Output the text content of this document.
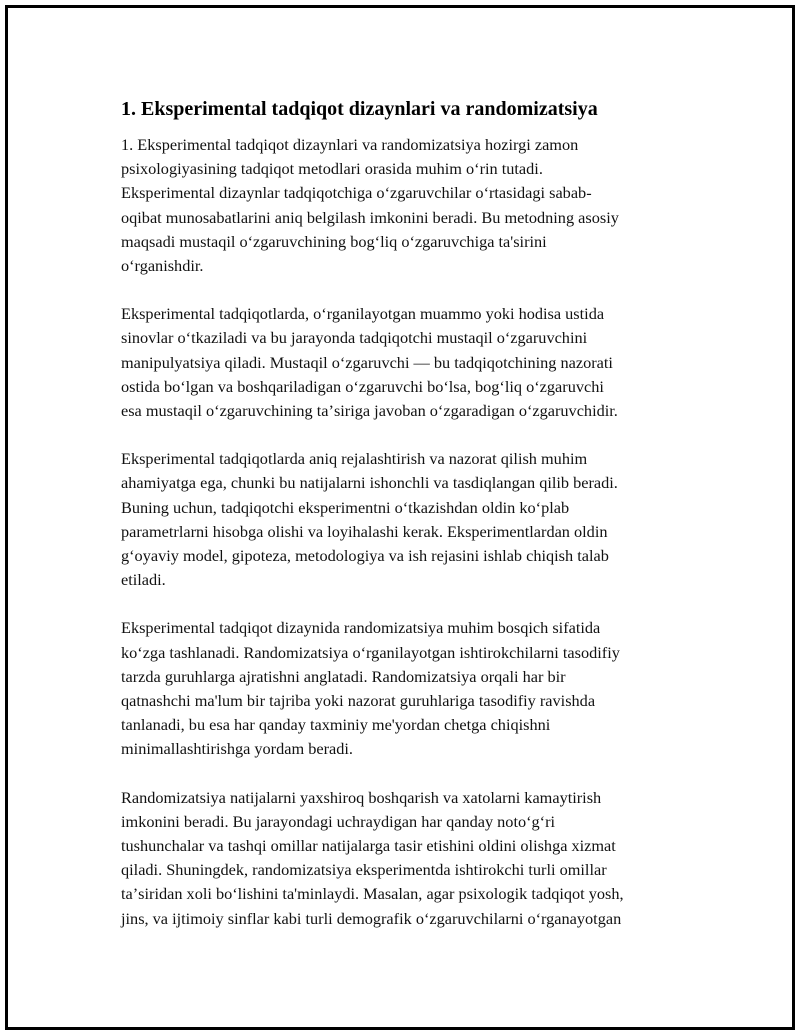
1. Eksperimental tadqiqot dizaynlari va randomizatsiya

1. Eksperimental tadqiqot dizaynlari va randomizatsiya hozirgi zamon
psixologiyasining tadqiqot metodlari orasida muhim oʻrin tutadi.
Eksperimental dizaynlar tadqiqotchiga oʻzgaruvchilar oʻrtasidagi sabab-
oqibat munosabatlarini aniq belgilash imkonini beradi. Bu metodning asosiy
maqsadi mustaqil oʻzgaruvchining bogʻliq oʻzgaruvchiga ta'sirini
oʻrganishdir.

Eksperimental tadqiqotlarda, oʻrganilayotgan muammo yoki hodisa ustida
sinovlar oʻtkaziladi va bu jarayonda tadqiqotchi mustaqil oʻzgaruvchini
manipulyatsiya qiladi. Mustaqil oʻzgaruvchi — bu tadqiqotchining nazorati
ostida boʻlgan va boshqariladigan oʻzgaruvchi boʻlsa, bogʻliq oʻzgaruvchi
esa mustaqil oʻzgaruvchining taʼsiriga javoban oʻzgaradigan oʻzgaruvchidir.

Eksperimental tadqiqotlarda aniq rejalashtirish va nazorat qilish muhim
ahamiyatga ega, chunki bu natijalarni ishonchli va tasdiqlangan qilib beradi.
Buning uchun, tadqiqotchi eksperimentni oʻtkazishdan oldin koʻplab
parametrlarni hisobga olishi va loyihalashi kerak. Eksperimentlardan oldin
gʻoyaviy model, gipoteza, metodologiya va ish rejasini ishlab chiqish talab
etiladi.

Eksperimental tadqiqot dizaynida randomizatsiya muhim bosqich sifatida
koʻzga tashlanadi. Randomizatsiya oʻrganilayotgan ishtirokchilarni tasodifiy
tarzda guruhlarga ajratishni anglatadi. Randomizatsiya orqali har bir
qatnashchi ma'lum bir tajriba yoki nazorat guruhlariga tasodifiy ravishda
tanlanadi, bu esa har qanday taxminiy me'yordan chetga chiqishni
minimallashtirishga yordam beradi.

Randomizatsiya natijalarni yaxshiroq boshqarish va xatolarni kamaytirish
imkonini beradi. Bu jarayondagi uchraydigan har qanday notoʻgʻri
tushunchalar va tashqi omillar natijalarga tasir etishini oldini olishga xizmat
qiladi. Shuningdek, randomizatsiya eksperimentda ishtirokchi turli omillar
taʼsiridan xoli boʻlishini ta'minlaydi. Masalan, agar psixologik tadqiqot yosh,
jins, va ijtimoiy sinflar kabi turli demografik oʻzgaruvchilarni oʻrganayotgan
